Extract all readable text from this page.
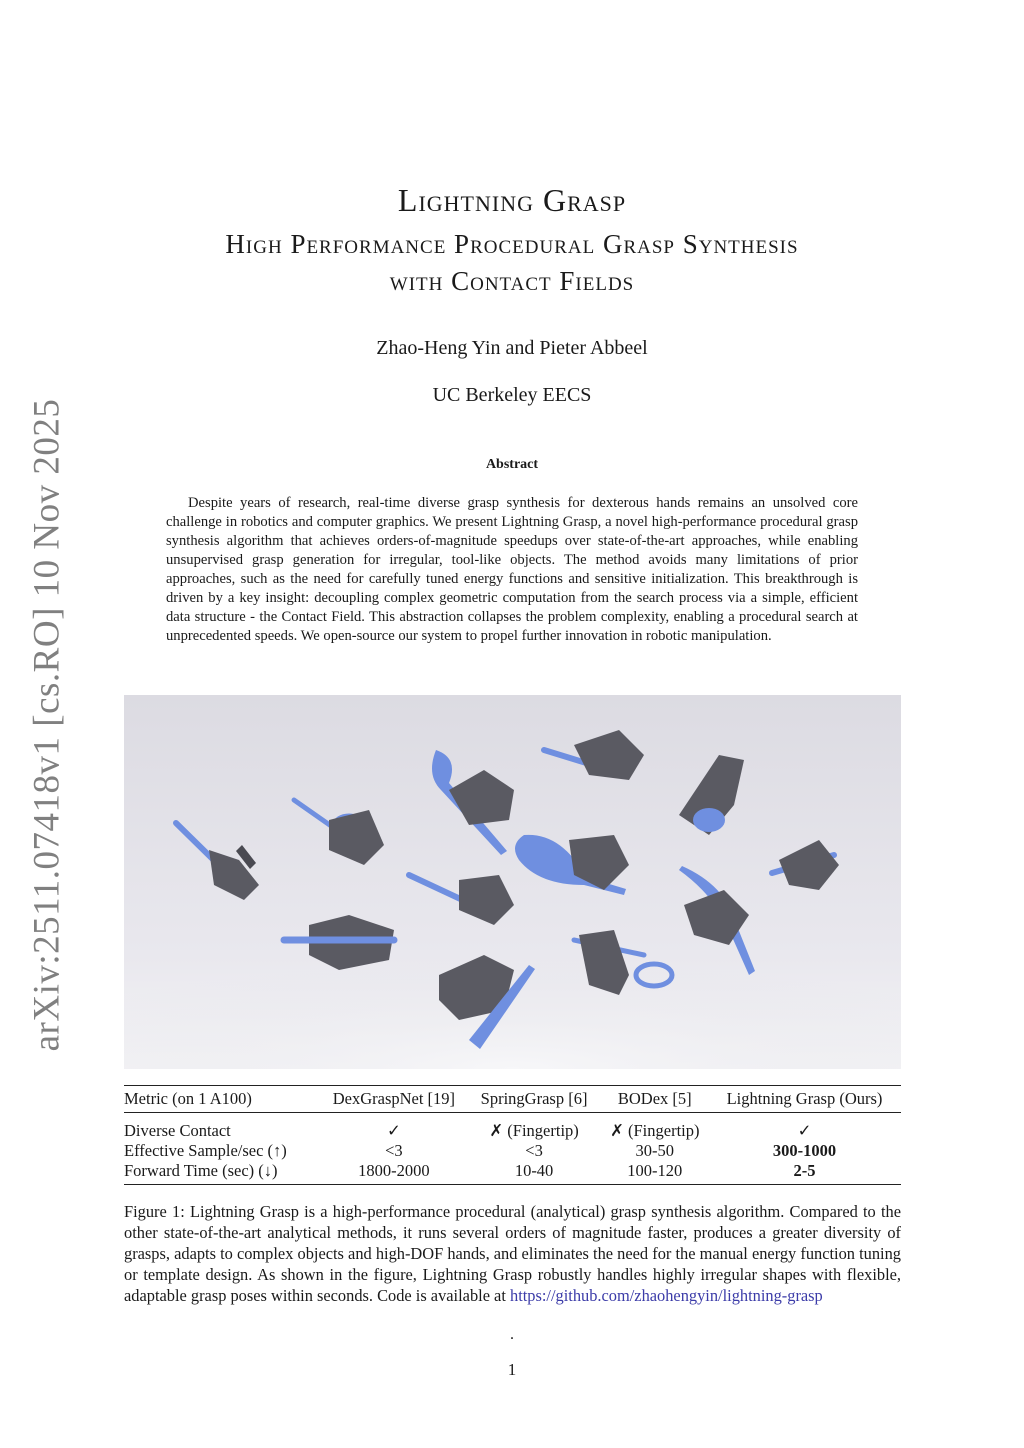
arXiv:2511.07418v1 [cs.RO] 10 Nov 2025
Lightning Grasp
High Performance Procedural Grasp Synthesis
with Contact Fields
Zhao-Heng Yin and Pieter Abbeel
UC Berkeley EECS
Abstract
Despite years of research, real-time diverse grasp synthesis for dexterous hands remains an unsolved core challenge in robotics and computer graphics. We present Lightning Grasp, a novel high-performance procedural grasp synthesis algorithm that achieves orders-of-magnitude speedups over state-of-the-art approaches, while enabling unsupervised grasp generation for irregular, tool-like objects. The method avoids many limitations of prior approaches, such as the need for carefully tuned energy functions and sensitive initialization. This breakthrough is driven by a key insight: decoupling complex geometric computation from the search process via a simple, efficient data structure - the Contact Field. This abstraction collapses the problem complexity, enabling a procedural search at unprecedented speeds. We open-source our system to propel further innovation in robotic manipulation.
Metric (on 1 A100)	DexGraspNet [19]	SpringGrasp [6]	BODex [5]	Lightning Grasp (Ours)
Diverse Contact	✓	✗ (Fingertip)	✗ (Fingertip)	✓
Effective Sample/sec (↑)	<3	<3	30-50	300-1000
Forward Time (sec) (↓)	1800-2000	10-40	100-120	2-5
Figure 1: Lightning Grasp is a high-performance procedural (analytical) grasp synthesis algorithm. Compared to the other state-of-the-art analytical methods, it runs several orders of magnitude faster, produces a greater diversity of grasps, adapts to complex objects and high-DOF hands, and eliminates the need for the manual energy function tuning or template design. As shown in the figure, Lightning Grasp robustly handles highly irregular shapes with flexible, adaptable grasp poses within seconds. Code is available at https://github.com/zhaohengyin/lightning-grasp
.
1
